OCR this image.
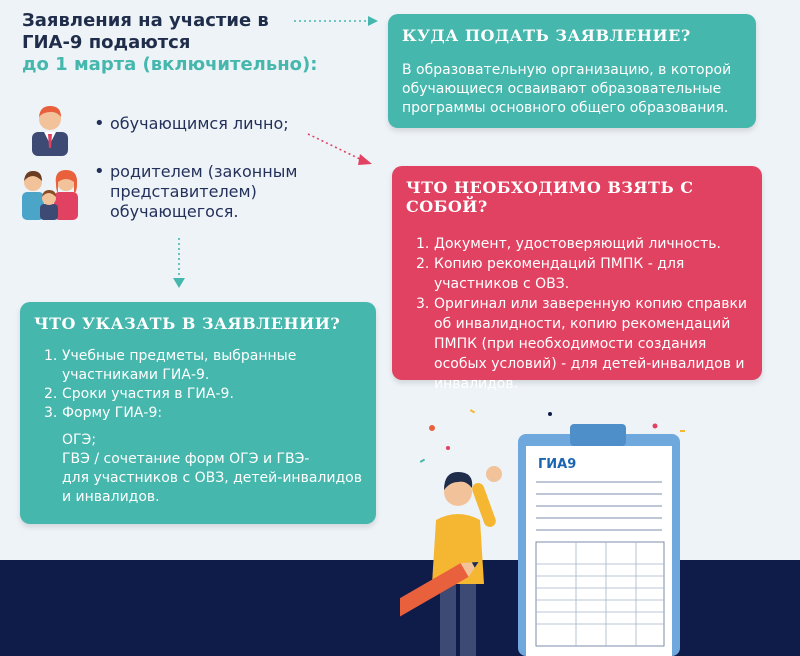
Заявления на участие в
ГИА-9 подаются
до 1 марта (включительно):
• обучающимся лично;
• родителем (законным представителем) обучающегося.
КУДА ПОДАТЬ ЗАЯВЛЕНИЕ?

В образовательную организацию, в которой обучающиеся осваивают образовательные программы основного общего образования.

ЧТО НЕОБХОДИМО ВЗЯТЬ С СОБОЙ?
Документ, удостоверяющий личность.
Копию рекомендаций ПМПК - для участников с ОВЗ.
Оригинал или заверенную копию справки об инвалидности, копию рекомендаций ПМПК (при необходимости создания особых условий) - для детей-инвалидов и инвалидов.
ЧТО УКАЗАТЬ В ЗАЯВЛЕНИИ?
Учебные предметы, выбранные участниками ГИА-9.
Сроки участия в ГИА-9.
Форму ГИА-9:
ОГЭ;
ГВЭ / сочетание форм ОГЭ и ГВЭ-
для участников с ОВЗ, детей-инвалидов
и инвалидов.
ГИА9
